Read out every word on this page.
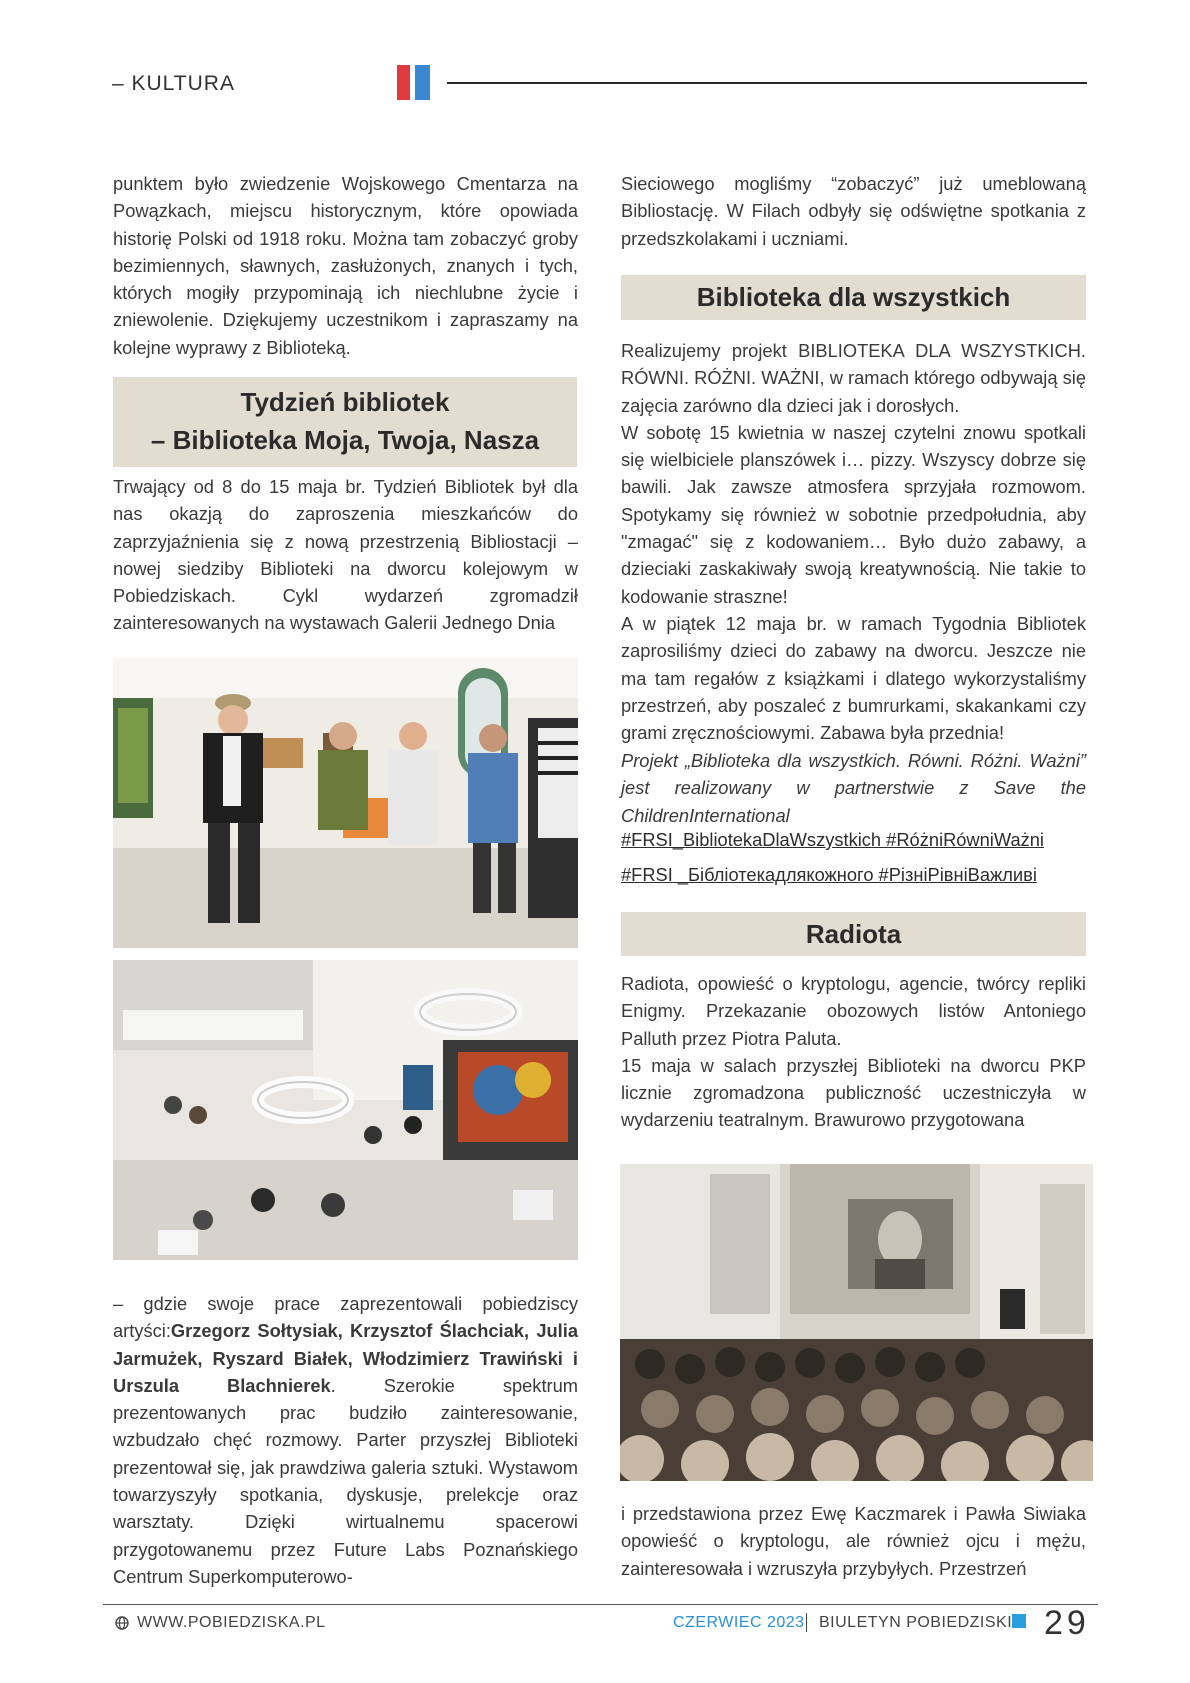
– KULTURA

punktem było zwiedzenie Wojskowego Cmentarza na Powązkach, miejscu historycznym, które opowiada historię Polski od 1918 roku. Można tam zobaczyć groby bezimiennych, sławnych, zasłużonych, znanych i tych, których mogiły przypominają ich niechlubne życie i zniewolenie. Dziękujemy uczestnikom i zapraszamy na kolejne wyprawy z Biblioteką.

Tydzień bibliotek
– Biblioteka Moja, Twoja, Nasza

Trwający od 8 do 15 maja br. Tydzień Bibliotek był dla nas okazją do zaproszenia mieszkańców do zaprzyjaźnienia się z nową przestrzenią Bibliostacji – nowej siedziby Biblioteki na dworcu kolejowym w Pobiedziskach. Cykl wydarzeń zgromadził zainteresowanych na wystawach Galerii Jednego Dnia

– gdzie swoje prace zaprezentowali pobiedziscy artyści:Grzegorz Sołtysiak, Krzysztof Ślachciak, Julia Jarmużek, Ryszard Białek, Włodzimierz Trawiński i Urszula Blachnierek. Szerokie spektrum prezentowanych prac budziło zainteresowanie, wzbudzało chęć rozmowy. Parter przyszłej Biblioteki prezentował się, jak prawdziwa galeria sztuki. Wystawom towarzyszyły spotkania, dyskusje, prelekcje oraz warsztaty. Dzięki wirtualnemu spacerowi przygotowanemu przez Future Labs Poznańskiego Centrum Superkomputerowo-

Sieciowego mogliśmy “zobaczyć” już umeblowaną Bibliostację. W Filach odbyły się odświętne spotkania z przedszkolakami i uczniami.

Biblioteka dla wszystkich

Realizujemy projekt BIBLIOTEKA DLA WSZYSTKICH. RÓWNI. RÓŻNI. WAŻNI, w ramach którego odbywają się zajęcia zarówno dla dzieci jak i dorosłych.

W sobotę 15 kwietnia w naszej czytelni znowu spotkali się wielbiciele planszówek i… pizzy. Wszyscy dobrze się bawili. Jak zawsze atmosfera sprzyjała rozmowom. Spotykamy się również w sobotnie przedpołudnia, aby "zmagać" się z kodowaniem… Było dużo zabawy, a dzieciaki zaskakiwały swoją kreatywnością. Nie takie to kodowanie straszne!

A w piątek 12 maja br. w ramach Tygodnia Bibliotek zaprosiliśmy dzieci do zabawy na dworcu. Jeszcze nie ma tam regałów z książkami i dlatego wykorzystaliśmy przestrzeń, aby poszaleć z bumrurkami, skakankami czy grami zręcznościowymi. Zabawa była przednia!

Projekt „Biblioteka dla wszystkich. Równi. Różni. Ważni” jest realizowany w partnerstwie z Save the ChildrenInternational

#FRSI_BibliotekaDlaWszystkich #RóżniRówniWażni
#FRSI _Бібліотекадлякожного #РізніРівніВажливі
Radiota

Radiota, opowieść o kryptologu, agencie, twórcy repliki Enigmy. Przekazanie obozowych listów Antoniego Palluth przez Piotra Paluta.

15 maja w salach przyszłej Biblioteki na dworcu PKP licznie zgromadzona publiczność uczestniczyła w wydarzeniu teatralnym. Brawurowo przygotowana

i przedstawiona przez Ewę Kaczmarek i Pawła Siwiaka opowieść o kryptologu, ale również ojcu i mężu, zainteresowała i wzruszyła przybyłych. Przestrzeń

WWW.POBIEDZISKA.PL	CZERWIEC 2023 BIULETYN POBIEDZISKI 29
